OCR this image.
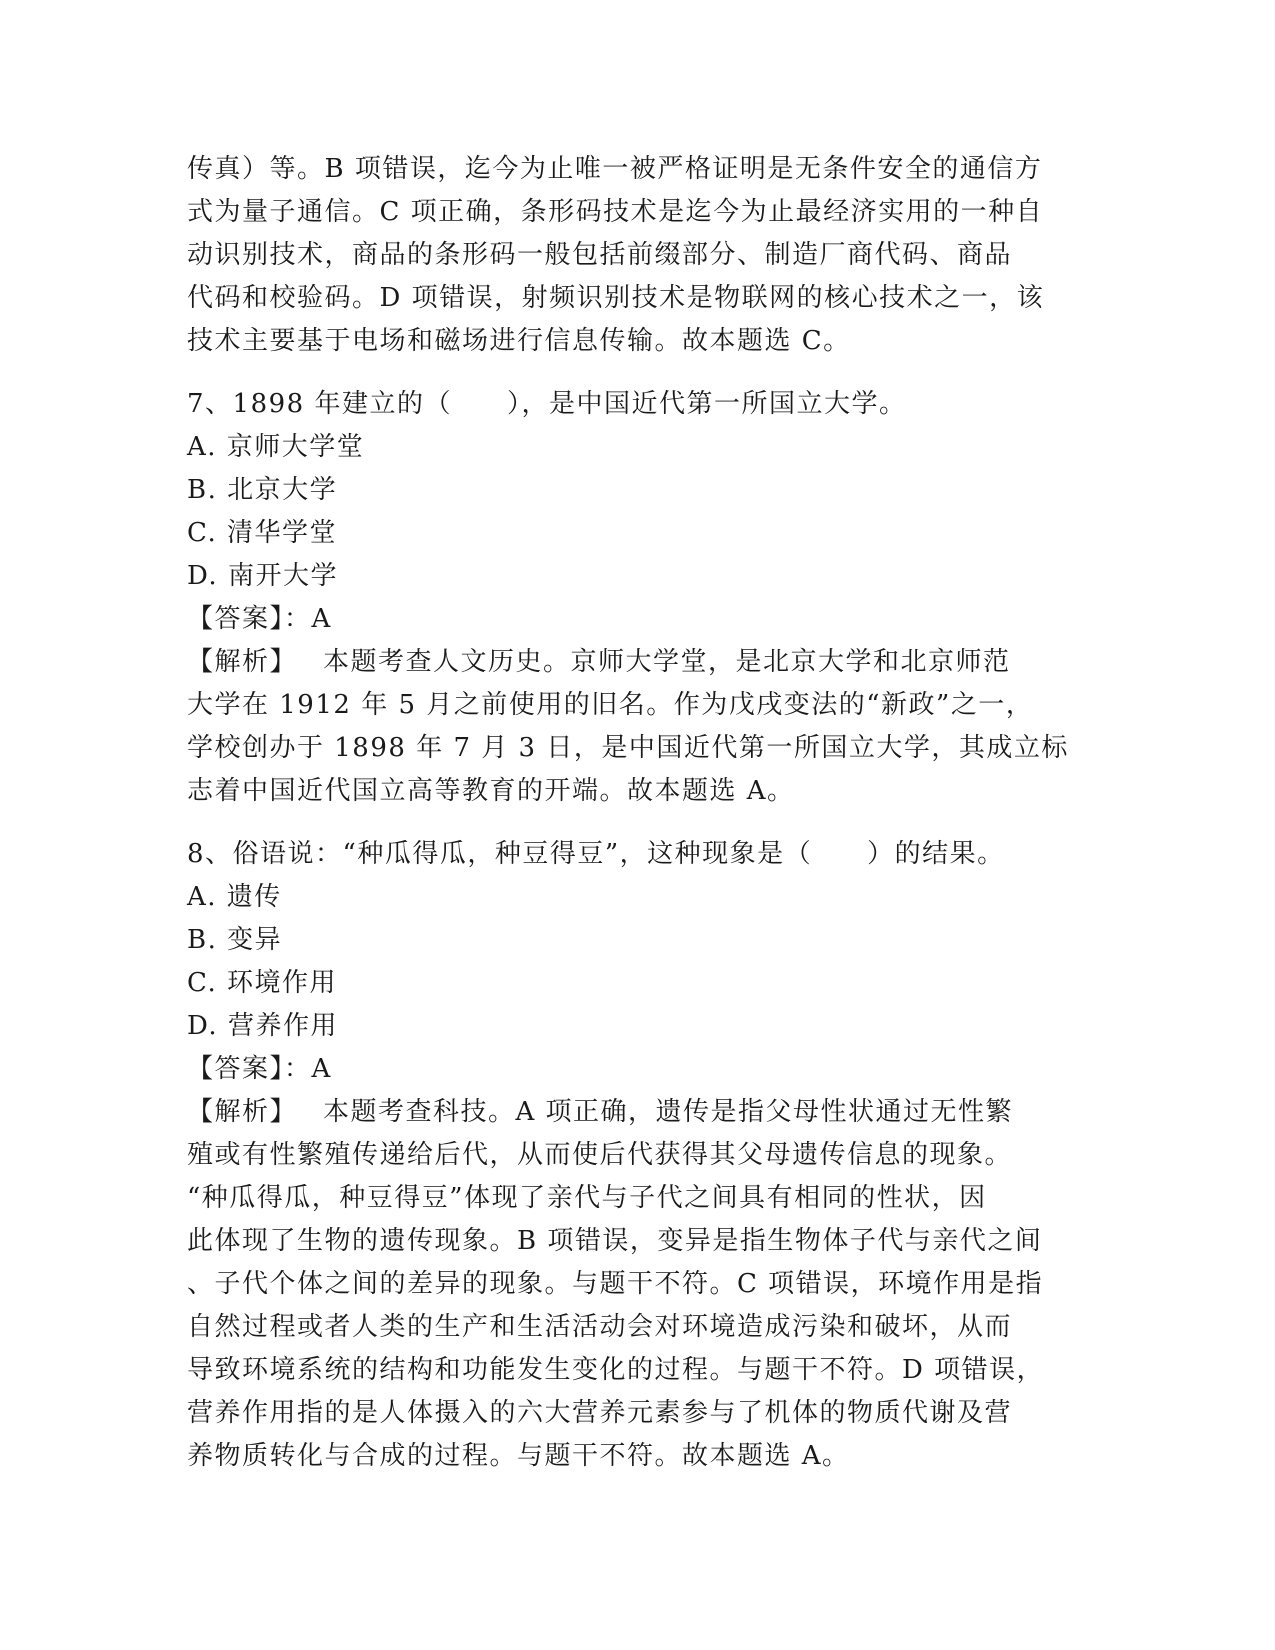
传真）等。B 项错误，迄今为止唯一被严格证明是无条件安全的通信方
式为量子通信。C 项正确，条形码技术是迄今为止最经济实用的一种自
动识别技术，商品的条形码一般包括前缀部分、制造厂商代码、商品
代码和校验码。D 项错误，射频识别技术是物联网的核心技术之一，该
技术主要基于电场和磁场进行信息传输。故本题选 C。

7、1898 年建立的（　　），是中国近代第一所国立大学。
A. 京师大学堂
B. 北京大学
C. 清华学堂
D. 南开大学
【答案】：A
【解析】 本题考查人文历史。京师大学堂，是北京大学和北京师范
大学在 1912 年 5 月之前使用的旧名。作为戊戌变法的“新政”之一，
学校创办于 1898 年 7 月 3 日，是中国近代第一所国立大学，其成立标
志着中国近代国立高等教育的开端。故本题选 A。
8、俗语说：“种瓜得瓜，种豆得豆”，这种现象是（　　）的结果。
A. 遗传
B. 变异
C. 环境作用
D. 营养作用
【答案】：A
【解析】 本题考查科技。A 项正确，遗传是指父母性状通过无性繁
殖或有性繁殖传递给后代，从而使后代获得其父母遗传信息的现象。
“种瓜得瓜，种豆得豆”体现了亲代与子代之间具有相同的性状，因
此体现了生物的遗传现象。B 项错误，变异是指生物体子代与亲代之间
、子代个体之间的差异的现象。与题干不符。C 项错误，环境作用是指
自然过程或者人类的生产和生活活动会对环境造成污染和破坏，从而
导致环境系统的结构和功能发生变化的过程。与题干不符。D 项错误，
营养作用指的是人体摄入的六大营养元素参与了机体的物质代谢及营
养物质转化与合成的过程。与题干不符。故本题选 A。
